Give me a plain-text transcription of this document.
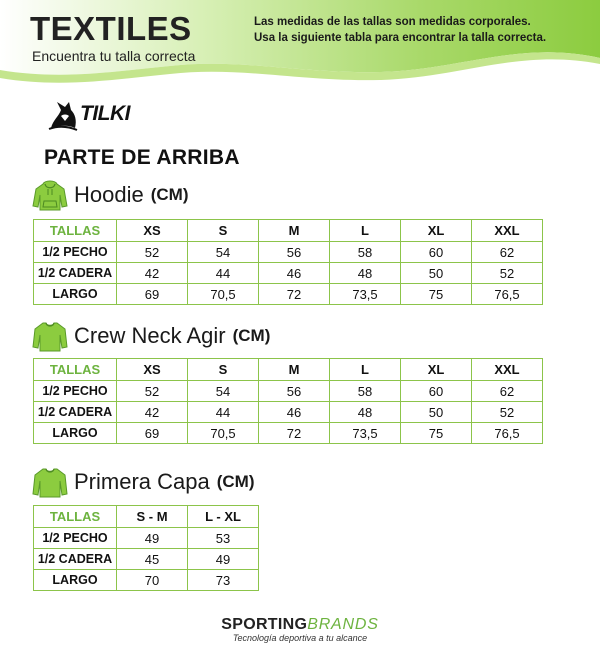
TEXTILES
Encuentra tu talla correcta
Las medidas de las tallas son medidas corporales.
Usa la siguiente tabla para encontrar la talla correcta.
TILKI
PARTE DE ARRIBA
Hoodie (CM)
TALLAS	XS	S	M	L	XL	XXL
1/2 PECHO	52	54	56	58	60	62
1/2 CADERA	42	44	46	48	50	52
LARGO	69	70,5	72	73,5	75	76,5
Crew Neck Agir (CM)
TALLAS	XS	S	M	L	XL	XXL
1/2 PECHO	52	54	56	58	60	62
1/2 CADERA	42	44	46	48	50	52
LARGO	69	70,5	72	73,5	75	76,5
Primera Capa (CM)
TALLAS	S - M	L - XL
1/2 PECHO	49	53
1/2 CADERA	45	49
LARGO	70	73
SPORTINGBRANDS
Tecnología deportiva a tu alcance
